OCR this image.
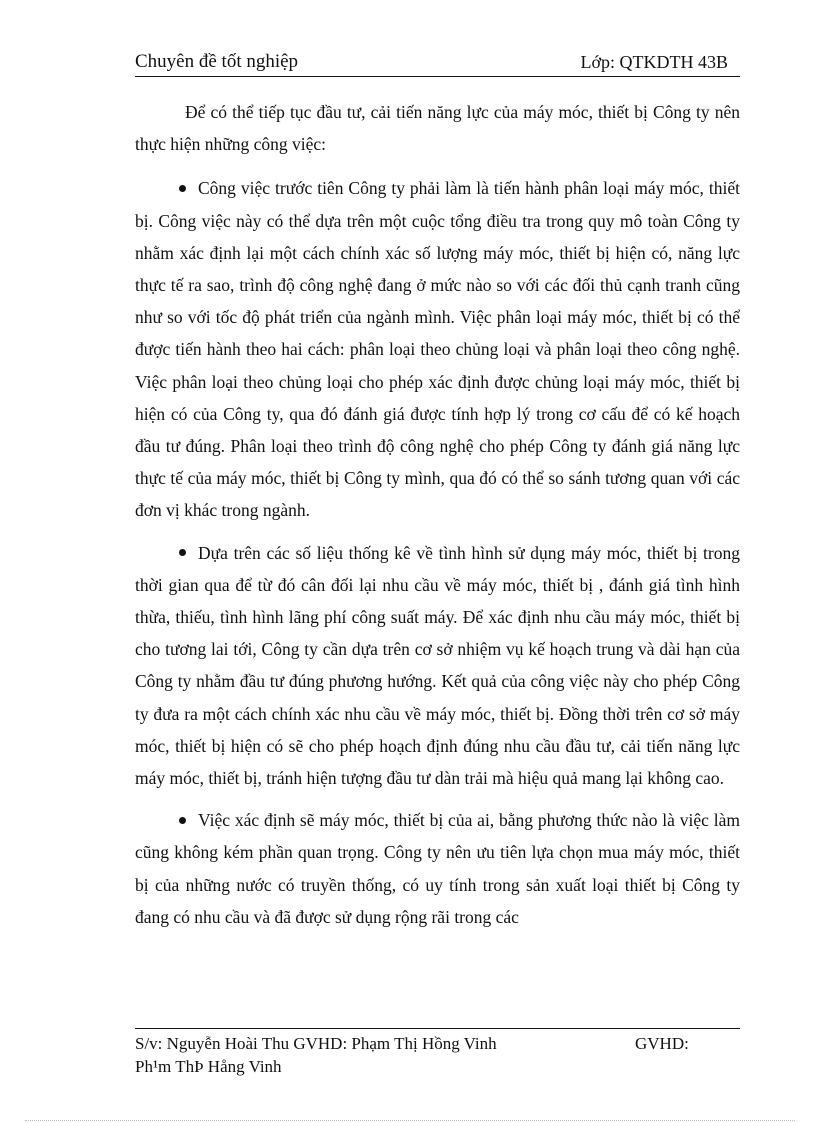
Chuyên đề tốt nghiệp	Lớp: QTKDTH 43B

Để có thể tiếp tục đầu tư, cải tiến năng lực của máy móc, thiết bị Công ty nên thực hiện những công việc:

Công việc trước tiên Công ty phải làm là tiến hành phân loại máy móc, thiết bị. Công việc này có thể dựa trên một cuộc tổng điều tra trong quy mô toàn Công ty nhằm xác định lại một cách chính xác số lượng máy móc, thiết bị hiện có, năng lực thực tế ra sao, trình độ công nghệ đang ở mức nào so với các đối thủ cạnh tranh cũng như so với tốc độ phát triển của ngành mình. Việc phân loại máy móc, thiết bị có thể được tiến hành theo hai cách: phân loại theo chủng loại và phân loại theo công nghệ. Việc phân loại theo chủng loại cho phép xác định được chủng loại máy móc, thiết bị hiện có của Công ty, qua đó đánh giá được tính hợp lý trong cơ cấu để có kế hoạch đầu tư đúng. Phân loại theo trình độ công nghệ cho phép Công ty đánh giá năng lực thực tế của máy móc, thiết bị Công ty mình, qua đó có thể so sánh tương quan với các đơn vị khác trong ngành.

Dựa trên các số liệu thống kê về tình hình sử dụng máy móc, thiết bị trong thời gian qua để từ đó cân đối lại nhu cầu về máy móc, thiết bị , đánh giá tình hình thừa, thiếu, tình hình lãng phí công suất máy. Để xác định nhu cầu máy móc, thiết bị cho tương lai tới, Công ty cần dựa trên cơ sở nhiệm vụ kế hoạch trung và dài hạn của Công ty nhằm đầu tư đúng phương hướng. Kết quả của công việc này cho phép Công ty đưa ra một cách chính xác nhu cầu về máy móc, thiết bị. Đồng thời trên cơ sở máy móc, thiết bị hiện có sẽ cho phép hoạch định đúng nhu cầu đầu tư, cải tiến năng lực máy móc, thiết bị, tránh hiện tượng đầu tư dàn trải mà hiệu quả mang lại không cao.

Việc xác định sẽ máy móc, thiết bị của ai, bằng phương thức nào là việc làm cũng không kém phần quan trọng. Công ty nên ưu tiên lựa chọn mua máy móc, thiết bị của những nước có truyền thống, có uy tính trong sản xuất loại thiết bị Công ty đang có nhu cầu và đã được sử dụng rộng rãi trong các

S/v: Nguyễn Hoài Thu GVHD: Phạm Thị Hồng Vinh	GVHD:
Ph¹m ThÞ Hång Vinh
